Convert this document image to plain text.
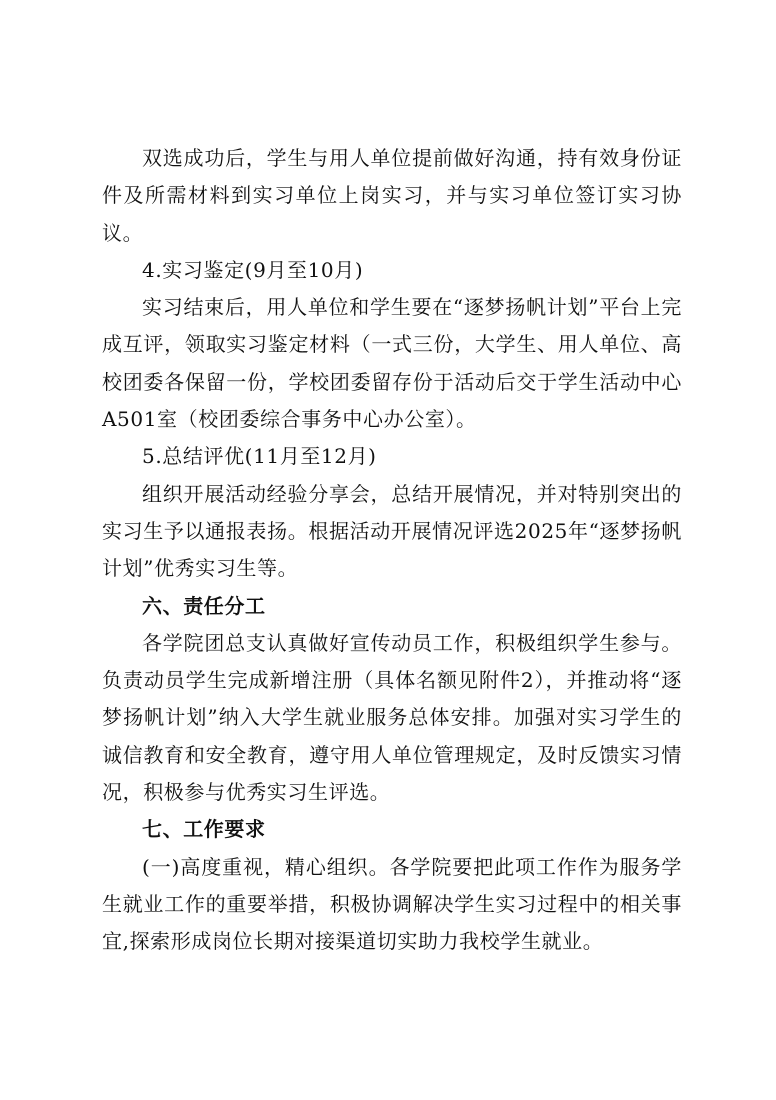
双选成功后，学生与用人单位提前做好沟通，持有效身份证件及所需材料到实习单位上岗实习，并与实习单位签订实习协议。

4.实习鉴定(9月至10月)

实习结束后，用人单位和学生要在“逐梦扬帆计划”平台上完成互评，领取实习鉴定材料（一式三份，大学生、用人单位、高校团委各保留一份，学校团委留存份于活动后交于学生活动中心A501室（校团委综合事务中心办公室）。

5.总结评优(11月至12月)

组织开展活动经验分享会，总结开展情况，并对特别突出的实习生予以通报表扬。根据活动开展情况评选2025年“逐梦扬帆计划”优秀实习生等。

六、责任分工

各学院团总支认真做好宣传动员工作，积极组织学生参与。负责动员学生完成新增注册（具体名额见附件2），并推动将“逐梦扬帆计划”纳入大学生就业服务总体安排。加强对实习学生的诚信教育和安全教育，遵守用人单位管理规定，及时反馈实习情况，积极参与优秀实习生评选。

七、工作要求

(一)高度重视，精心组织。各学院要把此项工作作为服务学生就业工作的重要举措，积极协调解决学生实习过程中的相关事宜,探索形成岗位长期对接渠道切实助力我校学生就业。
